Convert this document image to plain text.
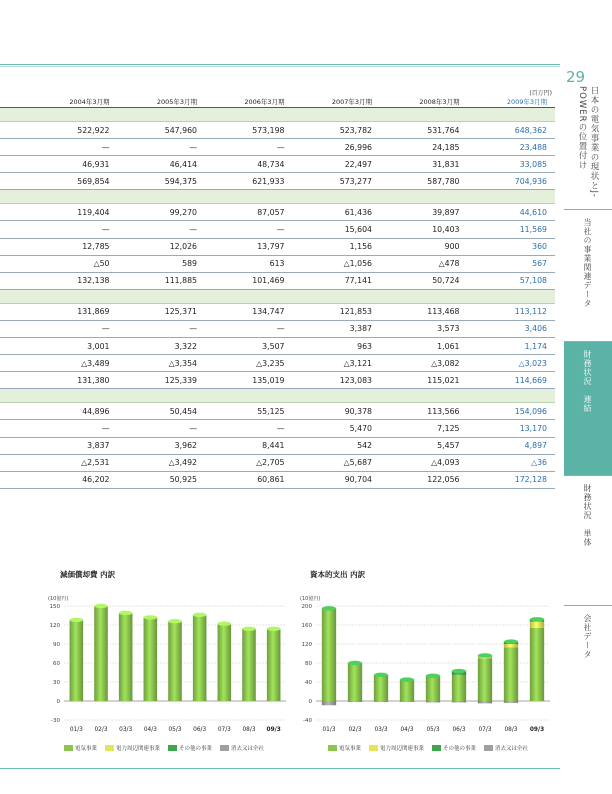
(百万円)
	2004年3月期	2005年3月期	2006年3月期	2007年3月期	2008年3月期	2009年3月期

	522,922	547,960	573,198	523,782	531,764	648,362
	—	—	—	26,996	24,185	23,488
	46,931	46,414	48,734	22,497	31,831	33,085
	569,854	594,375	621,933	573,277	587,780	704,936

	119,404	99,270	87,057	61,436	39,897	44,610
	—	—	—	15,604	10,403	11,569
	12,785	12,026	13,797	1,156	900	360
	△50	589	613	△1,056	△478	567
	132,138	111,885	101,469	77,141	50,724	57,108

	131,869	125,371	134,747	121,853	113,468	113,112
	—	—	—	3,387	3,573	3,406
	3,001	3,322	3,507	963	1,061	1,174
	△3,489	△3,354	△3,235	△3,121	△3,082	△3,023
	131,380	125,339	135,019	123,083	115,021	114,669

	44,896	50,454	55,125	90,378	113,566	154,096
	—	—	—	5,470	7,125	13,170
	3,837	3,962	8,441	542	5,457	4,897
	△2,531	△3,492	△2,705	△5,687	△4,093	△36
	46,202	50,925	60,861	90,704	122,056	172,128
29
日本の電気事業の現状とJ-POWERの位置付け
当社の事業関連データ
財務状況　連結
財務状況　単体
会社データ
減価償却費 内訳
(10億円)
-30
0
30
60
90
120
150
01/3 02/3 03/3 04/3 05/3 06/3 07/3 08/3 09/3
電気事業	電力周辺関連事業	その他の事業	消去又は全社
資本的支出 内訳
(10億円)
-40
0
40
80
120
160
200
01/3 02/3 03/3 04/3 05/3 06/3 07/3 08/3 09/3
電気事業	電力周辺関連事業	その他の事業	消去又は全社
